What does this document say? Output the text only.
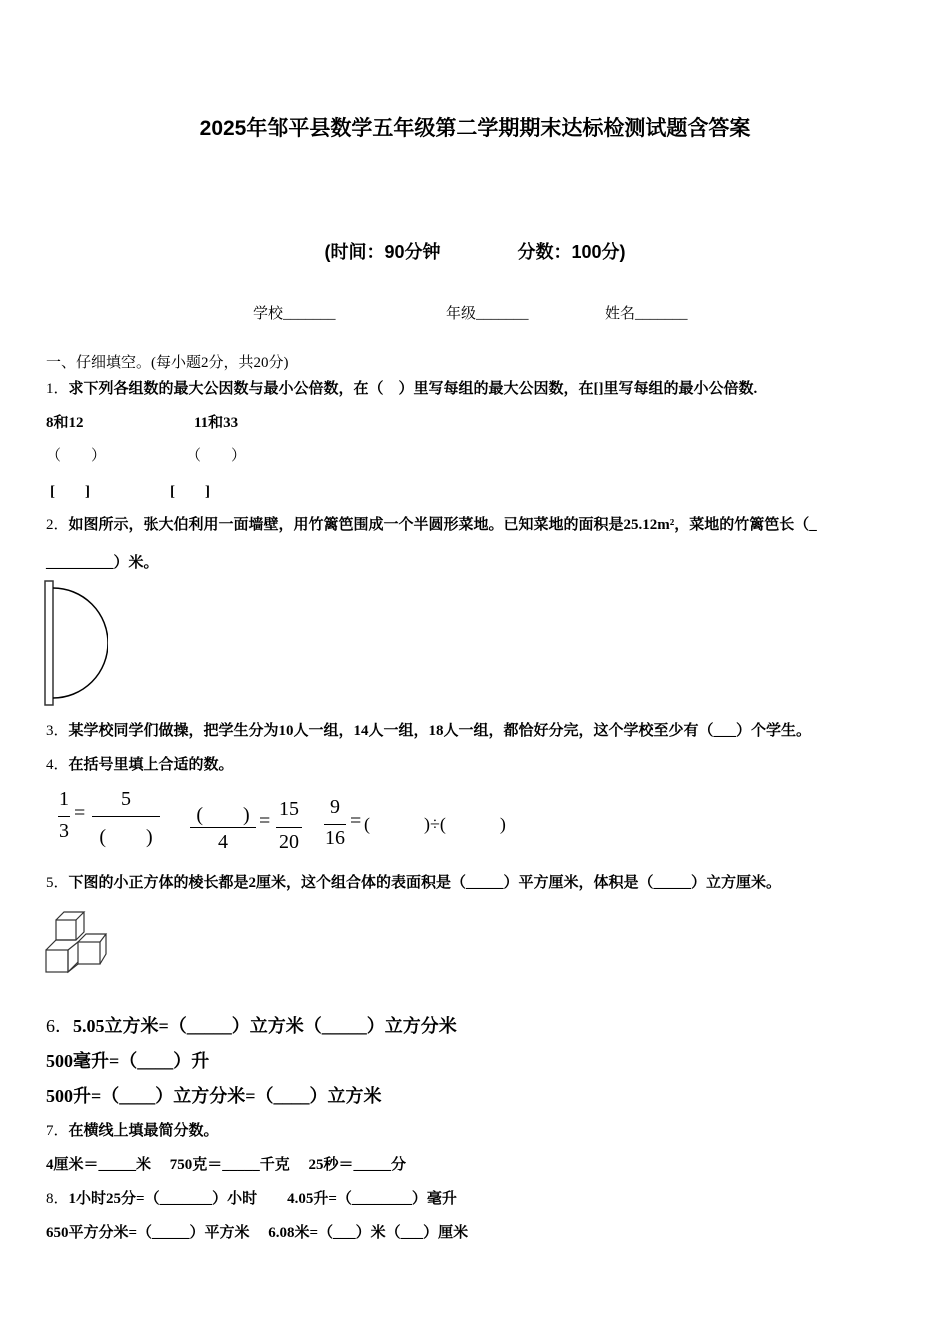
2025年邹平县数学五年级第二学期期末达标检测试题含答案
(时间：90分钟	分数：100分)
学校_______	年级_______	姓名_______
一、仔细填空。(每小题2分，共20分)
1．求下列各组数的最大公因数与最小公倍数，在（　）里写每组的最大公因数，在[]里写每组的最小公倍数.
8和12	11和33
（　　）	（　　）
[　　]	[　　]
2．如图所示，张大伯利用一面墙壁，用竹篱笆围成一个半圆形菜地。已知菜地的面积是25.12m²，菜地的竹篱笆长（_
_________）米。
3．某学校同学们做操，把学生分为10人一组，14人一组，18人一组，都恰好分完，这个学校至少有（___）个学生。
4．在括号里填上合适的数。
1
3
=
5
(　　)
(　　)
4
=
15
20
9
16
= (　　　)÷(　　　)
5．下图的小正方体的棱长都是2厘米，这个组合体的表面积是（_____）平方厘米，体积是（_____）立方厘米。
6．5.05立方米=（_____）立方米（_____）立方分米
500毫升=（____）升
500升=（____）立方分米=（____）立方米
7．在横线上填最简分数。
4厘米＝_____米　 750克＝_____千克　 25秒＝_____分
8．1小时25分=（_______）小时　　4.05升=（________）毫升
650平方分米=（_____）平方米　 6.08米=（___）米（___）厘米
